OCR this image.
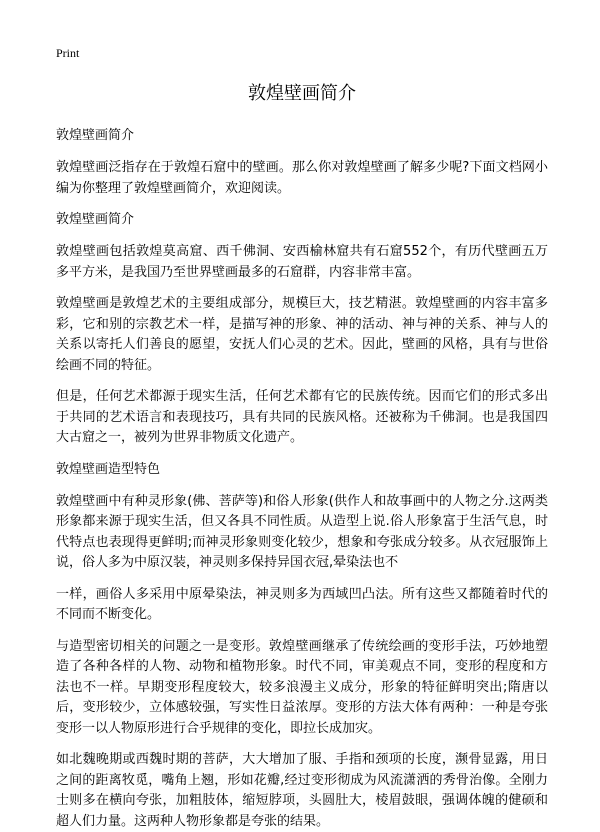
Print
敦煌壁画简介

敦煌壁画简介

敦煌壁画泛指存在于敦煌石窟中的壁画。那么你对敦煌壁画了解多少呢?下面文档网小编为你整理了敦煌壁画简介，欢迎阅读。

敦煌壁画简介

敦煌壁画包括敦煌莫高窟、西千佛洞、安西榆林窟共有石窟552个，有历代壁画五万多平方米，是我国乃至世界壁画最多的石窟群，内容非常丰富。

敦煌壁画是敦煌艺术的主要组成部分，规模巨大，技艺精湛。敦煌壁画的内容丰富多彩，它和别的宗教艺术一样，是描写神的形象、神的活动、神与神的关系、神与人的关系以寄托人们善良的愿望，安抚人们心灵的艺术。因此，壁画的风格，具有与世俗绘画不同的特征。

但是，任何艺术都源于现实生活，任何艺术都有它的民族传统。因而它们的形式多出于共同的艺术语言和表现技巧，具有共同的民族风格。还被称为千佛洞。也是我国四大古窟之一，被列为世界非物质文化遗产。

敦煌壁画造型特色

敦煌壁画中有种灵形象(佛、菩萨等)和俗人形象(供作人和故事画中的人物之分.这两类形象都来源于现实生活，但又各具不同性质。从造型上说.俗人形象富于生活气息，时代特点也表现得更鲜明;而神灵形象则变化较少，想象和夸张成分较多。从衣冠服饰上说，俗人多为中原汉装，神灵则多保持异国衣冠,晕染法也不

一样，画俗人多采用中原晕染法，神灵则多为西域凹凸法。所有这些又都随着时代的不同而不断变化。

与造型密切相关的问题之一是变形。敦煌壁画继承了传统绘画的变形手法，巧妙地塑造了各种各样的人物、动物和植物形象。时代不同，审美观点不同，变形的程度和方法也不一样。早期变形程度较大，较多浪漫主义成分，形象的特征鲜明突出;隋唐以后，变形较少，立体感较强，写实性日益浓厚。变形的方法大体有两种：一种是夸张变形一以人物原形进行合乎规律的变化，即拉长成加灾。

如北魏晚期或西魏时期的菩萨，大大增加了服、手指和颈项的长度，濒骨显露，用日之间的距离牧觅，嘴角上翘，形如花瓣,经过变形彻成为风流潇洒的秀骨治像。全刚力士则多在横向夸张，加粗肢体，缩短脖项，头圆肚大，棱眉鼓眼，强调体魄的健硕和超人们力量。这两种人物形象都是夸张的结果。
